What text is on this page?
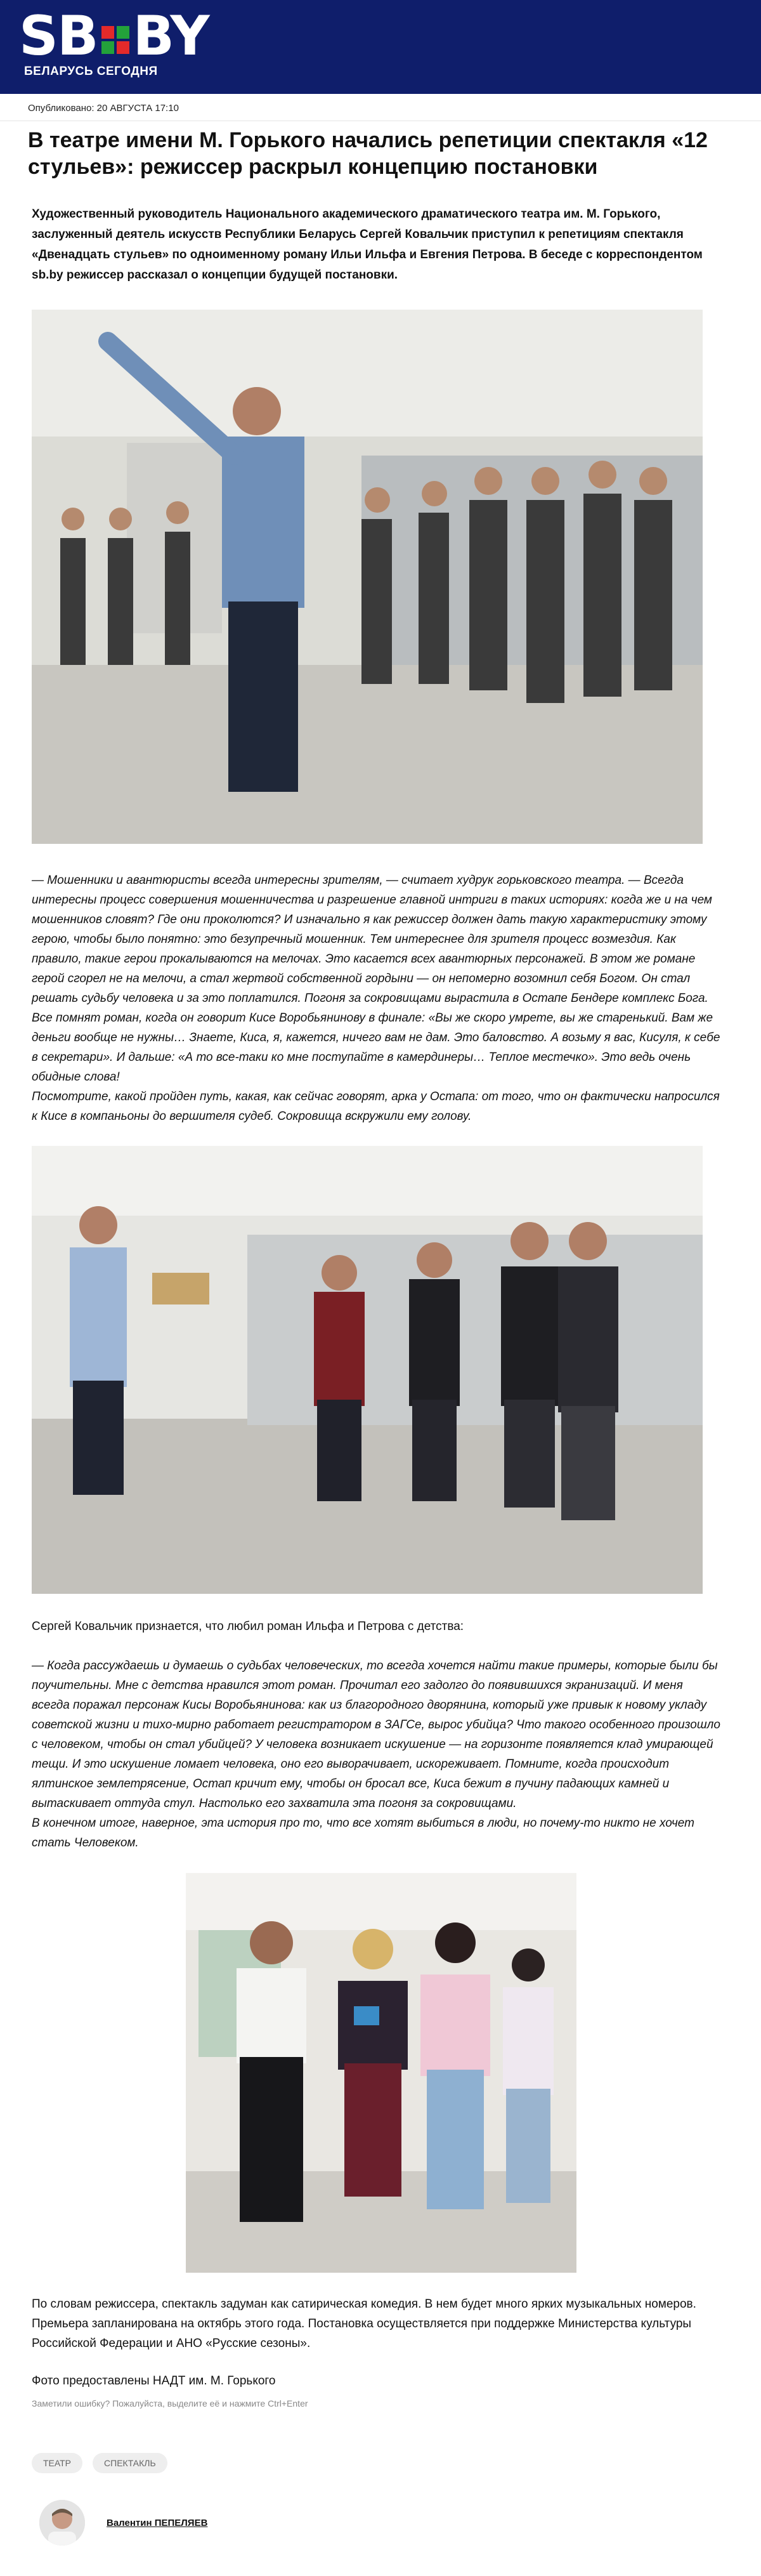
SB BY
БЕЛАРУСЬ СЕГОДНЯ
Опубликовано: 20 АВГУСТА 17:10
В театре имени М. Горького начались репетиции спектакля «12 стульев»: режиссер раскрыл концепцию постановки

Художественный руководитель Национального академического драматического театра им. М. Горького, заслуженный деятель искусств Республики Беларусь Сергей Ковальчик приступил к репетициям спектакля «Двенадцать стульев» по одноименному роману Ильи Ильфа и Евгения Петрова. В беседе с корреспондентом sb.by режиссер рассказал о концепции будущей постановки.

— Мошенники и авантюристы всегда интересны зрителям, — считает худрук горьковского театра. — Всегда интересны процесс совершения мошенничества и разрешение главной интриги в таких историях: когда же и на чем мошенников словят? Где они проколются? И изначально я как режиссер должен дать такую характеристику этому герою, чтобы было понятно: это безупречный мошенник. Тем интереснее для зрителя процесс возмездия. Как правило, такие герои прокалываются на мелочах. Это касается всех авантюрных персонажей. В этом же романе герой сгорел не на мелочи, а стал жертвой собственной гордыни — он непомерно возомнил себя Богом. Он стал решать судьбу человека и за это поплатился. Погоня за сокровищами вырастила в Остапе Бендере комплекс Бога. Все помнят роман, когда он говорит Кисе Воробьянинову в финале: «Вы же скоро умрете, вы же старенький. Вам же деньги вообще не нужны… Знаете, Киса, я, кажется, ничего вам не дам. Это баловство. А возьму я вас, Кисуля, к себе в секретари». И дальше: «А то все-таки ко мне поступайте в камердинеры… Теплое местечко». Это ведь очень обидные слова!

Посмотрите, какой пройден путь, какая, как сейчас говорят, арка у Остапа: от того, что он фактически напросился к Кисе в компаньоны до вершителя судеб. Сокровища вскружили ему голову.

Сергей Ковальчик признается, что любил роман Ильфа и Петрова с детства:

— Когда рассуждаешь и думаешь о судьбах человеческих, то всегда хочется найти такие примеры, которые были бы поучительны. Мне с детства нравился этот роман. Прочитал его задолго до появившихся экранизаций. И меня всегда поражал персонаж Кисы Воробьянинова: как из благородного дворянина, который уже привык к новому укладу советской жизни и тихо-мирно работает регистратором в ЗАГСе, вырос убийца? Что такого особенного произошло с человеком, чтобы он стал убийцей? У человека возникает искушение — на горизонте появляется клад умирающей тещи. И это искушение ломает человека, оно его выворачивает, искореживает. Помните, когда происходит ялтинское землетрясение, Остап кричит ему, чтобы он бросал все, Киса бежит в пучину падающих камней и вытаскивает оттуда стул. Настолько его захватила эта погоня за сокровищами.

В конечном итоге, наверное, эта история про то, что все хотят выбиться в люди, но почему-то никто не хочет стать Человеком.

По словам режиссера, спектакль задуман как сатирическая комедия. В нем будет много ярких музыкальных номеров. Премьера запланирована на октябрь этого года. Постановка осуществляется при поддержке Министерства культуры Российской Федерации и АНО «Русские сезоны».

Фото предоставлены НАДТ им. М. Горького

Заметили ошибку? Пожалуйста, выделите её и нажмите Ctrl+Enter
ТЕАТР	СПЕКТАКЛЬ
Валентин ПЕПЕЛЯЕВ
